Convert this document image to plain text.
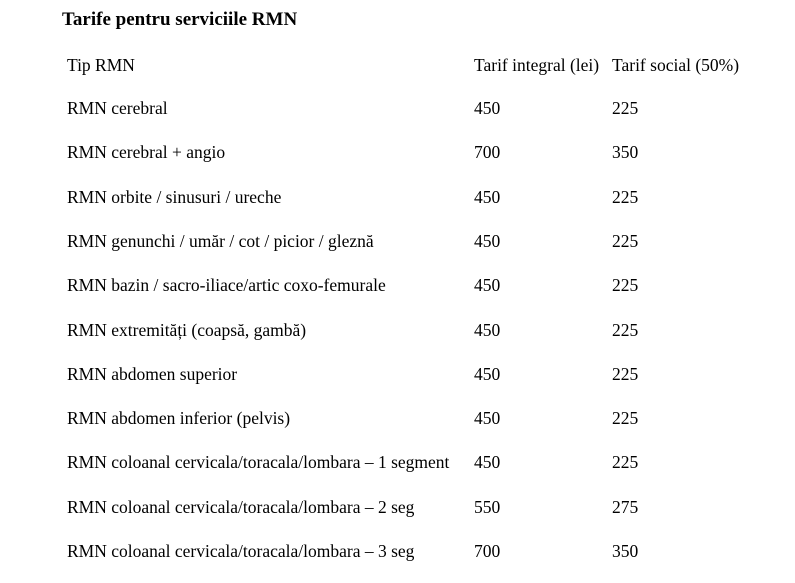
Tarife pentru serviciile RMN
Tip RMN	Tarif integral (lei) Tarif social (50%)
RMN cerebral	450	225
RMN cerebral + angio	700	350
RMN orbite / sinusuri / ureche	450	225
RMN genunchi / umăr / cot / picior / gleznă	450	225
RMN bazin / sacro-iliace/artic coxo-femurale	450	225
RMN extremități (coapsă, gambă)	450	225
RMN abdomen superior	450	225
RMN abdomen inferior (pelvis)	450	225
RMN coloanal cervicala/toracala/lombara – 1 segment 450	225
RMN coloanal cervicala/toracala/lombara – 2 seg	550	275
RMN coloanal cervicala/toracala/lombara – 3 seg	700	350
